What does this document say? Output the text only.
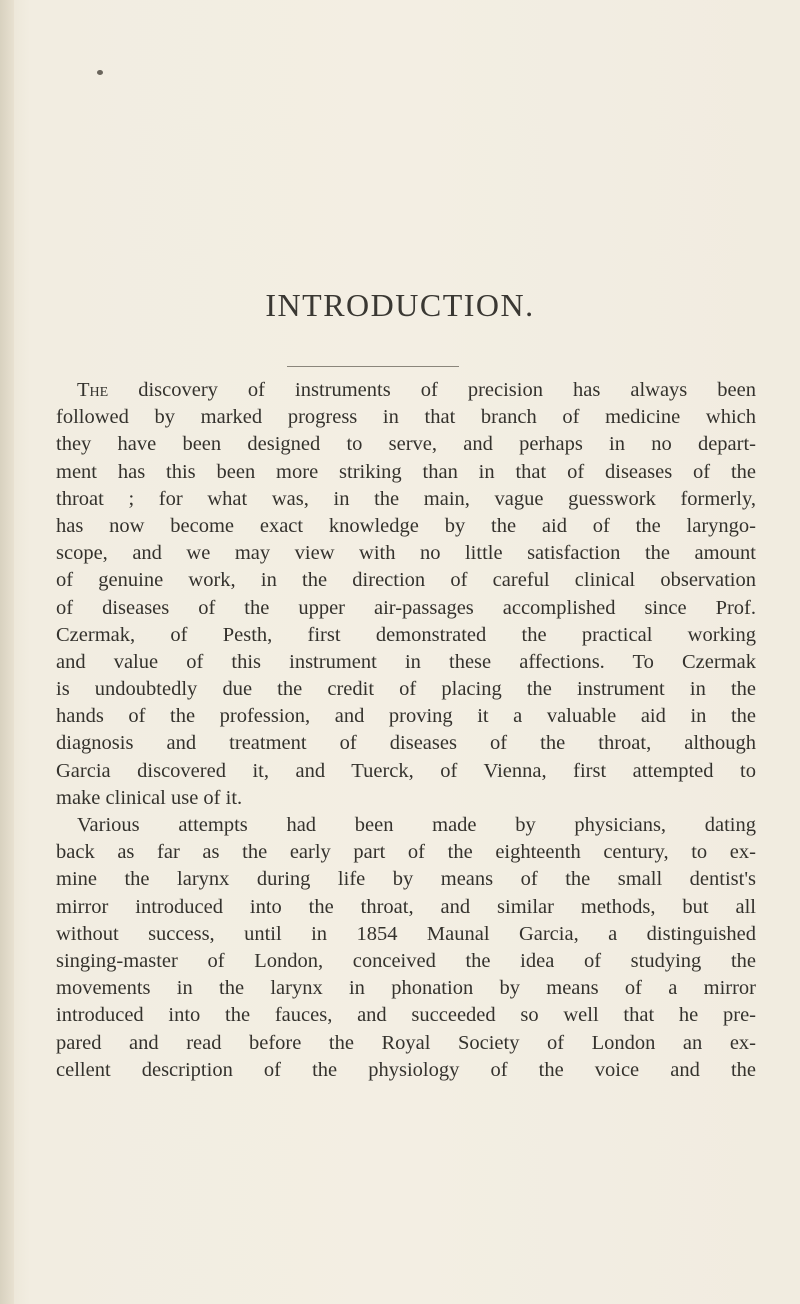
INTRODUCTION.
The discovery of instruments of precision has always been
followed by marked progress in that branch of medicine which
they have been designed to serve, and perhaps in no depart-
ment has this been more striking than in that of diseases of the
throat ; for what was, in the main, vague guesswork formerly,
has now become exact knowledge by the aid of the laryngo-
scope, and we may view with no little satisfaction the amount
of genuine work, in the direction of careful clinical observation
of diseases of the upper air-passages accomplished since Prof.
Czermak, of Pesth, first demonstrated the practical working
and value of this instrument in these affections. To Czermak
is undoubtedly due the credit of placing the instrument in the
hands of the profession, and proving it a valuable aid in the
diagnosis and treatment of diseases of the throat, although
Garcia discovered it, and Tuerck, of Vienna, first attempted to
make clinical use of it.
Various attempts had been made by physicians, dating
back as far as the early part of the eighteenth century, to ex-
mine the larynx during life by means of the small dentist's
mirror introduced into the throat, and similar methods, but all
without success, until in 1854 Maunal Garcia, a distinguished
singing-master of London, conceived the idea of studying the
movements in the larynx in phonation by means of a mirror
introduced into the fauces, and succeeded so well that he pre-
pared and read before the Royal Society of London an ex-
cellent description of the physiology of the voice and the
